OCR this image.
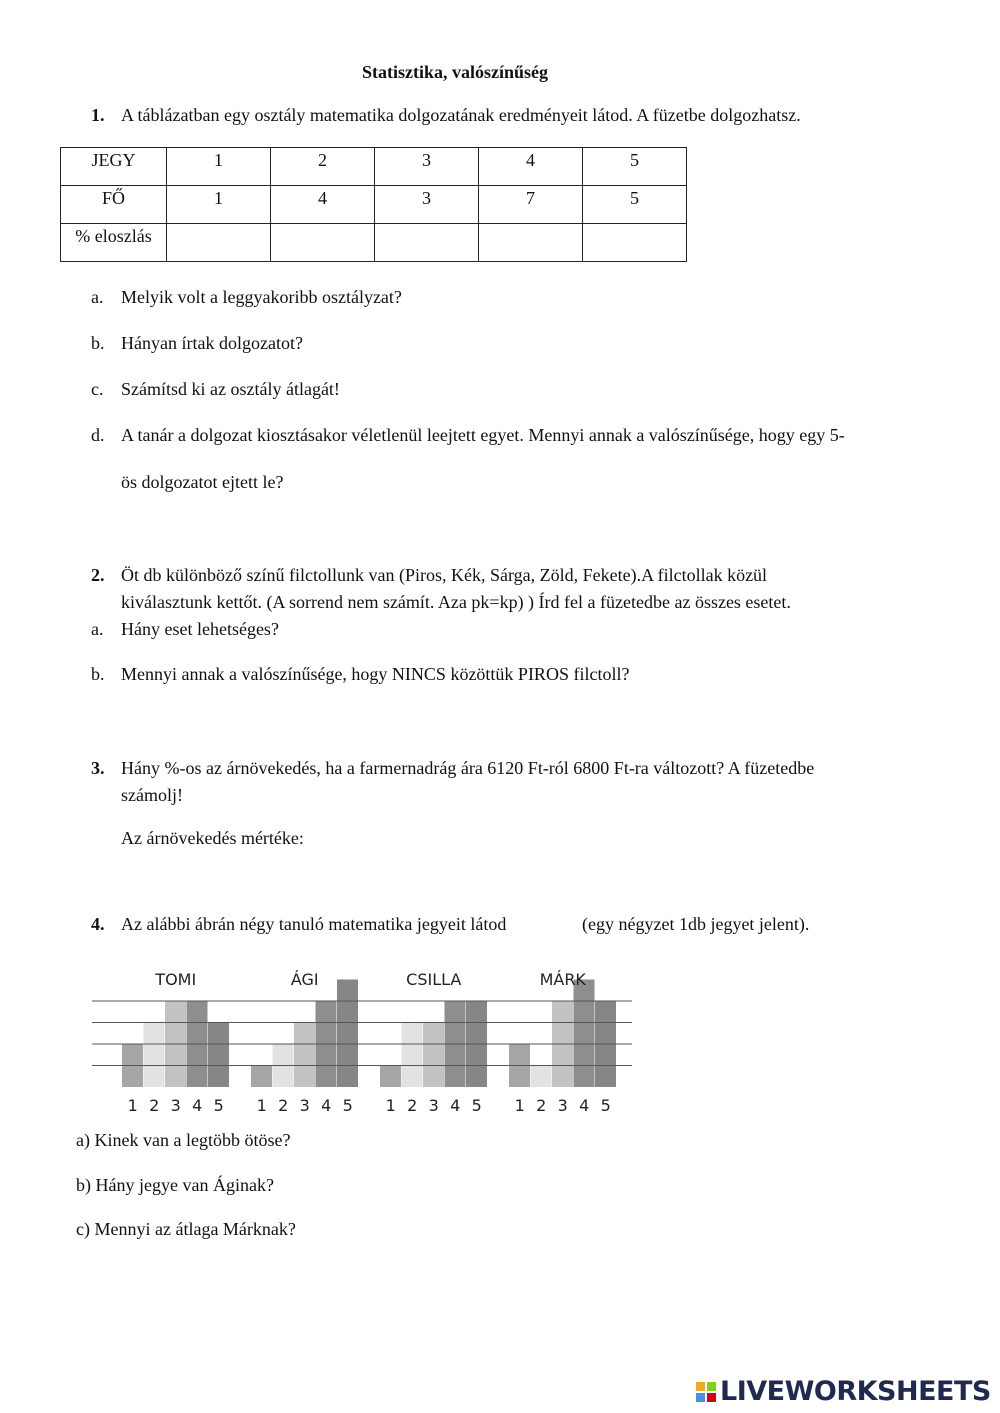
Statisztika, valószínűség
1. A táblázatban egy osztály matematika dolgozatának eredményeit látod. A füzetbe dolgozhatsz.
JEGY	1	2	3	4	5
FŐ	1	4	3	7	5
% eloszlás					
a. Melyik volt a leggyakoribb osztályzat?
b. Hányan írtak dolgozatot?
c. Számítsd ki az osztály átlagát!
d. A tanár a dolgozat kiosztásakor véletlenül leejtett egyet. Mennyi annak a valószínűsége, hogy egy 5-
ös dolgozatot ejtett le?
2. Öt db különböző színű filctollunk van (Piros, Kék, Sárga, Zöld, Fekete).A filctollak közül
kiválasztunk kettőt. (A sorrend nem számít. Aza pk=kp) ) Írd fel a füzetedbe az összes esetet.
a. Hány eset lehetséges?
b. Mennyi annak a valószínűsége, hogy NINCS közöttük PIROS filctoll?
3. Hány %-os az árnövekedés, ha a farmernadrág ára 6120 Ft-ról 6800 Ft-ra változott? A füzetedbe
számolj!
Az árnövekedés mértéke:
4. Az alábbi ábrán négy tanuló matematika jegyeit látod	(egy négyzet 1db jegyet jelent).
TOMI
1 2 3 4 5
ÁGI
1 2 3 4 5
CSILLA
1 2 3 4 5
MÁRK
1 2 3 4 5
a) Kinek van a legtöbb ötöse?
b) Hány jegye van Áginak?
c) Mennyi az átlaga Márknak?
LIVEWORKSHEETS
